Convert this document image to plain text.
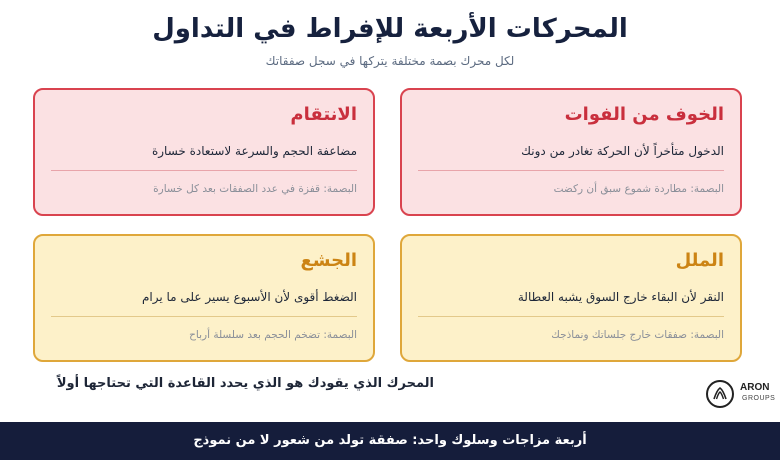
المحركات الأربعة للإفراط في التداول
لكل محرك بصمة مختلفة يتركها في سجل صفقاتك
الخوف من الفوات
الدخول متأخراً لأن الحركة تغادر من دونك
البصمة: مطاردة شموع سبق أن ركضت
الانتقام
مضاعفة الحجم والسرعة لاستعادة خسارة
البصمة: قفزة في عدد الصفقات بعد كل خسارة
الملل
النقر لأن البقاء خارج السوق يشبه العطالة
البصمة: صفقات خارج جلساتك ونماذجك
الجشع
الضغط أقوى لأن الأسبوع يسير على ما يرام
البصمة: تضخم الحجم بعد سلسلة أرباح
المحرك الذي يقودك هو الذي يحدد القاعدة التي تحتاجها أولاً	ARON
GROUPS
أربعة مزاجات وسلوك واحد: صفقة تولد من شعور لا من نموذج
